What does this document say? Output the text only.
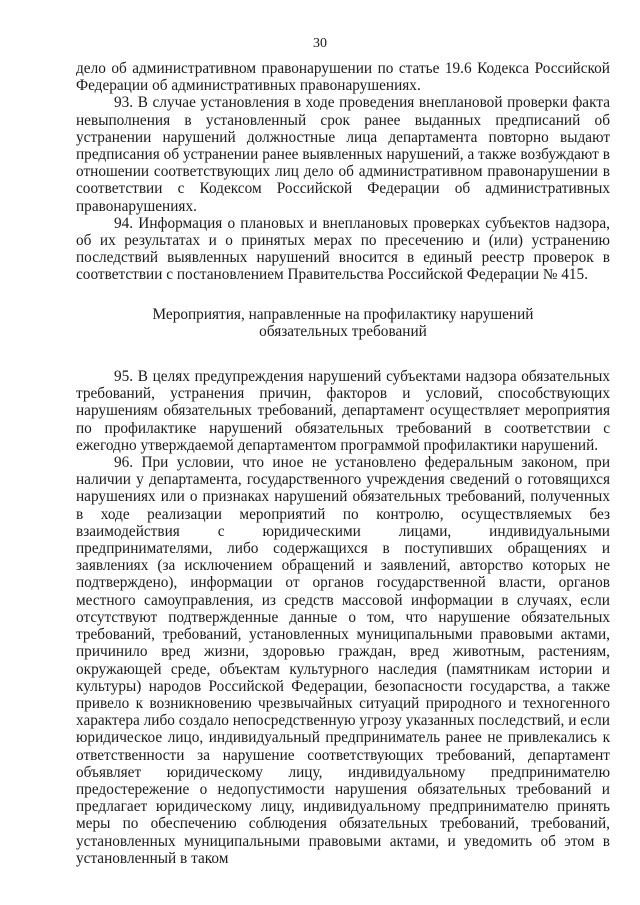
30

дело об административном правонарушении по статье 19.6 Кодекса Российской Федерации об административных правонарушениях.

93. В случае установления в ходе проведения внеплановой проверки факта невыполнения в установленный срок ранее выданных предписаний об устранении нарушений должностные лица департамента повторно выдают предписания об устранении ранее выявленных нарушений, а также возбуждают в отношении соответствующих лиц дело об административном правонарушении в соответствии с Кодексом Российской Федерации об административных правонарушениях.

94. Информация о плановых и внеплановых проверках субъектов надзора, об их результатах и о принятых мерах по пресечению и (или) устранению последствий выявленных нарушений вносится в единый реестр проверок в соответствии с постановлением Правительства Российской Федерации № 415.

Мероприятия, направленные на профилактику нарушений
обязательных требований

95. В целях предупреждения нарушений субъектами надзора обязательных требований, устранения причин, факторов и условий, способствующих нарушениям обязательных требований, департамент осуществляет мероприятия по профилактике нарушений обязательных требований в соответствии с ежегодно утверждаемой департаментом программой профилактики нарушений.

96. При условии, что иное не установлено федеральным законом, при наличии у департамента, государственного учреждения сведений о готовящихся нарушениях или о признаках нарушений обязательных требований, полученных в ходе реализации мероприятий по контролю, осуществляемых без взаимодействия с юридическими лицами, индивидуальными предпринимателями, либо содержащихся в поступивших обращениях и заявлениях (за исключением обращений и заявлений, авторство которых не подтверждено), информации от органов государственной власти, органов местного самоуправления, из средств массовой информации в случаях, если отсутствуют подтвержденные данные о том, что нарушение обязательных требований, требований, установленных муниципальными правовыми актами, причинило вред жизни, здоровью граждан, вред животным, растениям, окружающей среде, объектам культурного наследия (памятникам истории и культуры) народов Российской Федерации, безопасности государства, а также привело к возникновению чрезвычайных ситуаций природного и техногенного характера либо создало непосредственную угрозу указанных последствий, и если юридическое лицо, индивидуальный предприниматель ранее не привлекались к ответственности за нарушение соответствующих требований, департамент объявляет юридическому лицу, индивидуальному предпринимателю предостережение о недопустимости нарушения обязательных требований и предлагает юридическому лицу, индивидуальному предпринимателю принять меры по обеспечению соблюдения обязательных требований, требований, установленных муниципальными правовыми актами, и уведомить об этом в установленный в таком
